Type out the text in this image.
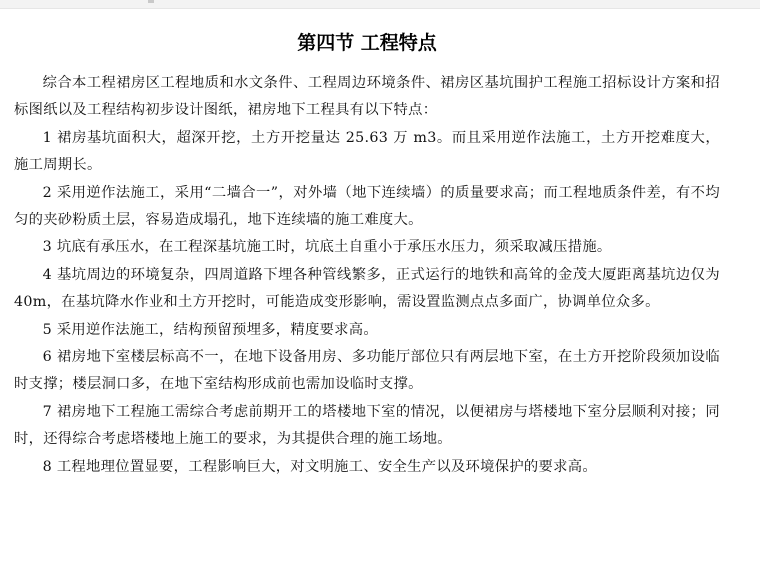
第四节 工程特点

综合本工程裙房区工程地质和水文条件、工程周边环境条件、裙房区基坑围护工程施工招标设计方案和招标图纸以及工程结构初步设计图纸，裙房地下工程具有以下特点：

1 裙房基坑面积大，超深开挖，土方开挖量达 25.63 万 m3。而且采用逆作法施工，土方开挖难度大，施工周期长。

2 采用逆作法施工，采用“二墙合一”，对外墙（地下连续墙）的质量要求高；而工程地质条件差，有不均匀的夹砂粉质土层，容易造成塌孔，地下连续墙的施工难度大。

3 坑底有承压水，在工程深基坑施工时，坑底土自重小于承压水压力，须采取减压措施。

4 基坑周边的环境复杂，四周道路下埋各种管线繁多，正式运行的地铁和高耸的金茂大厦距离基坑边仅为 40m，在基坑降水作业和土方开挖时，可能造成变形影响，需设置监测点点多面广，协调单位众多。

5 采用逆作法施工，结构预留预埋多，精度要求高。

6 裙房地下室楼层标高不一，在地下设备用房、多功能厅部位只有两层地下室，在土方开挖阶段须加设临时支撑；楼层洞口多，在地下室结构形成前也需加设临时支撑。

7 裙房地下工程施工需综合考虑前期开工的塔楼地下室的情况，以便裙房与塔楼地下室分层顺利对接；同时，还得综合考虑塔楼地上施工的要求，为其提供合理的施工场地。

8 工程地理位置显要，工程影响巨大，对文明施工、安全生产以及环境保护的要求高。
